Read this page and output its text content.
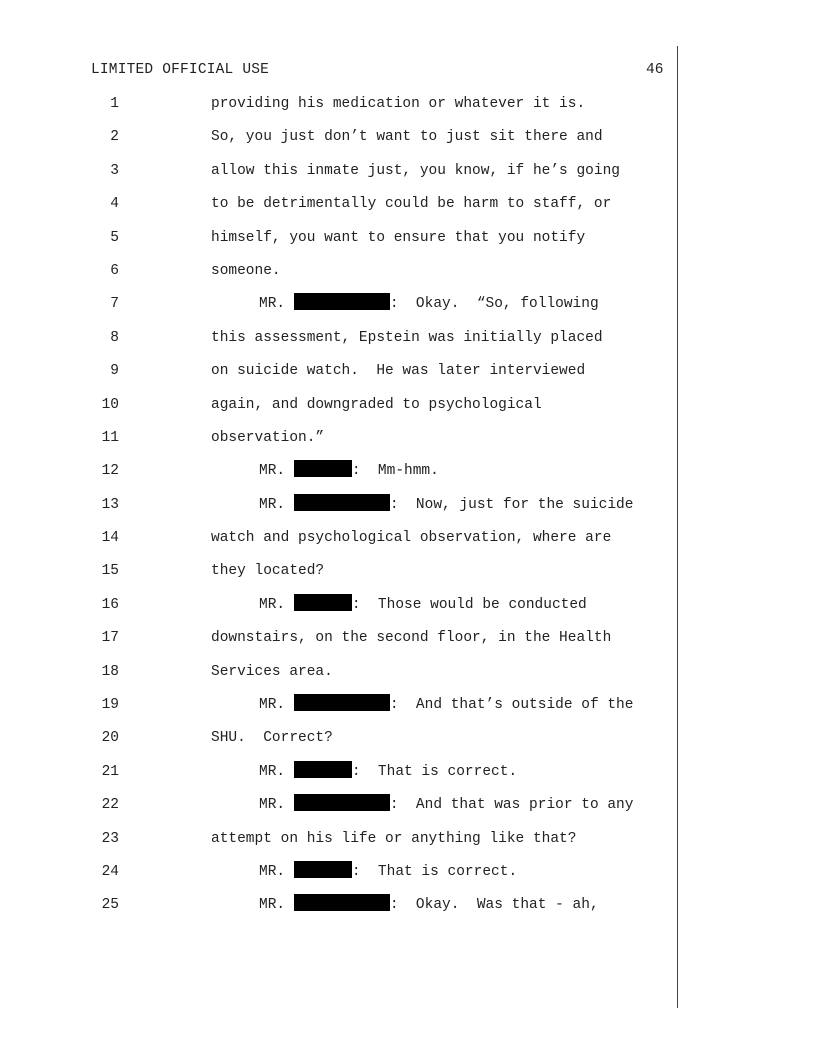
LIMITED OFFICIAL USE	46
1	providing his medication or whatever it is.
2	So, you just don’t want to just sit there and
3	allow this inmate just, you know, if he’s going
4	to be detrimentally could be harm to staff, or
5	himself, you want to ensure that you notify
6	someone.
7	MR.	:  Okay.  “So, following
8	this assessment, Epstein was initially placed
9	on suicide watch.  He was later interviewed
10	again, and downgraded to psychological
11	observation.”
12	MR.	:  Mm-hmm.
13	MR.	:  Now, just for the suicide
14	watch and psychological observation, where are
15	they located?
16	MR.	:  Those would be conducted
17	downstairs, on the second floor, in the Health
18	Services area.
19	MR.	:  And that’s outside of the
20	SHU.  Correct?
21	MR.	:  That is correct.
22	MR.	:  And that was prior to any
23	attempt on his life or anything like that?
24	MR.	:  That is correct.
25	MR.	:  Okay.  Was that - ah,
